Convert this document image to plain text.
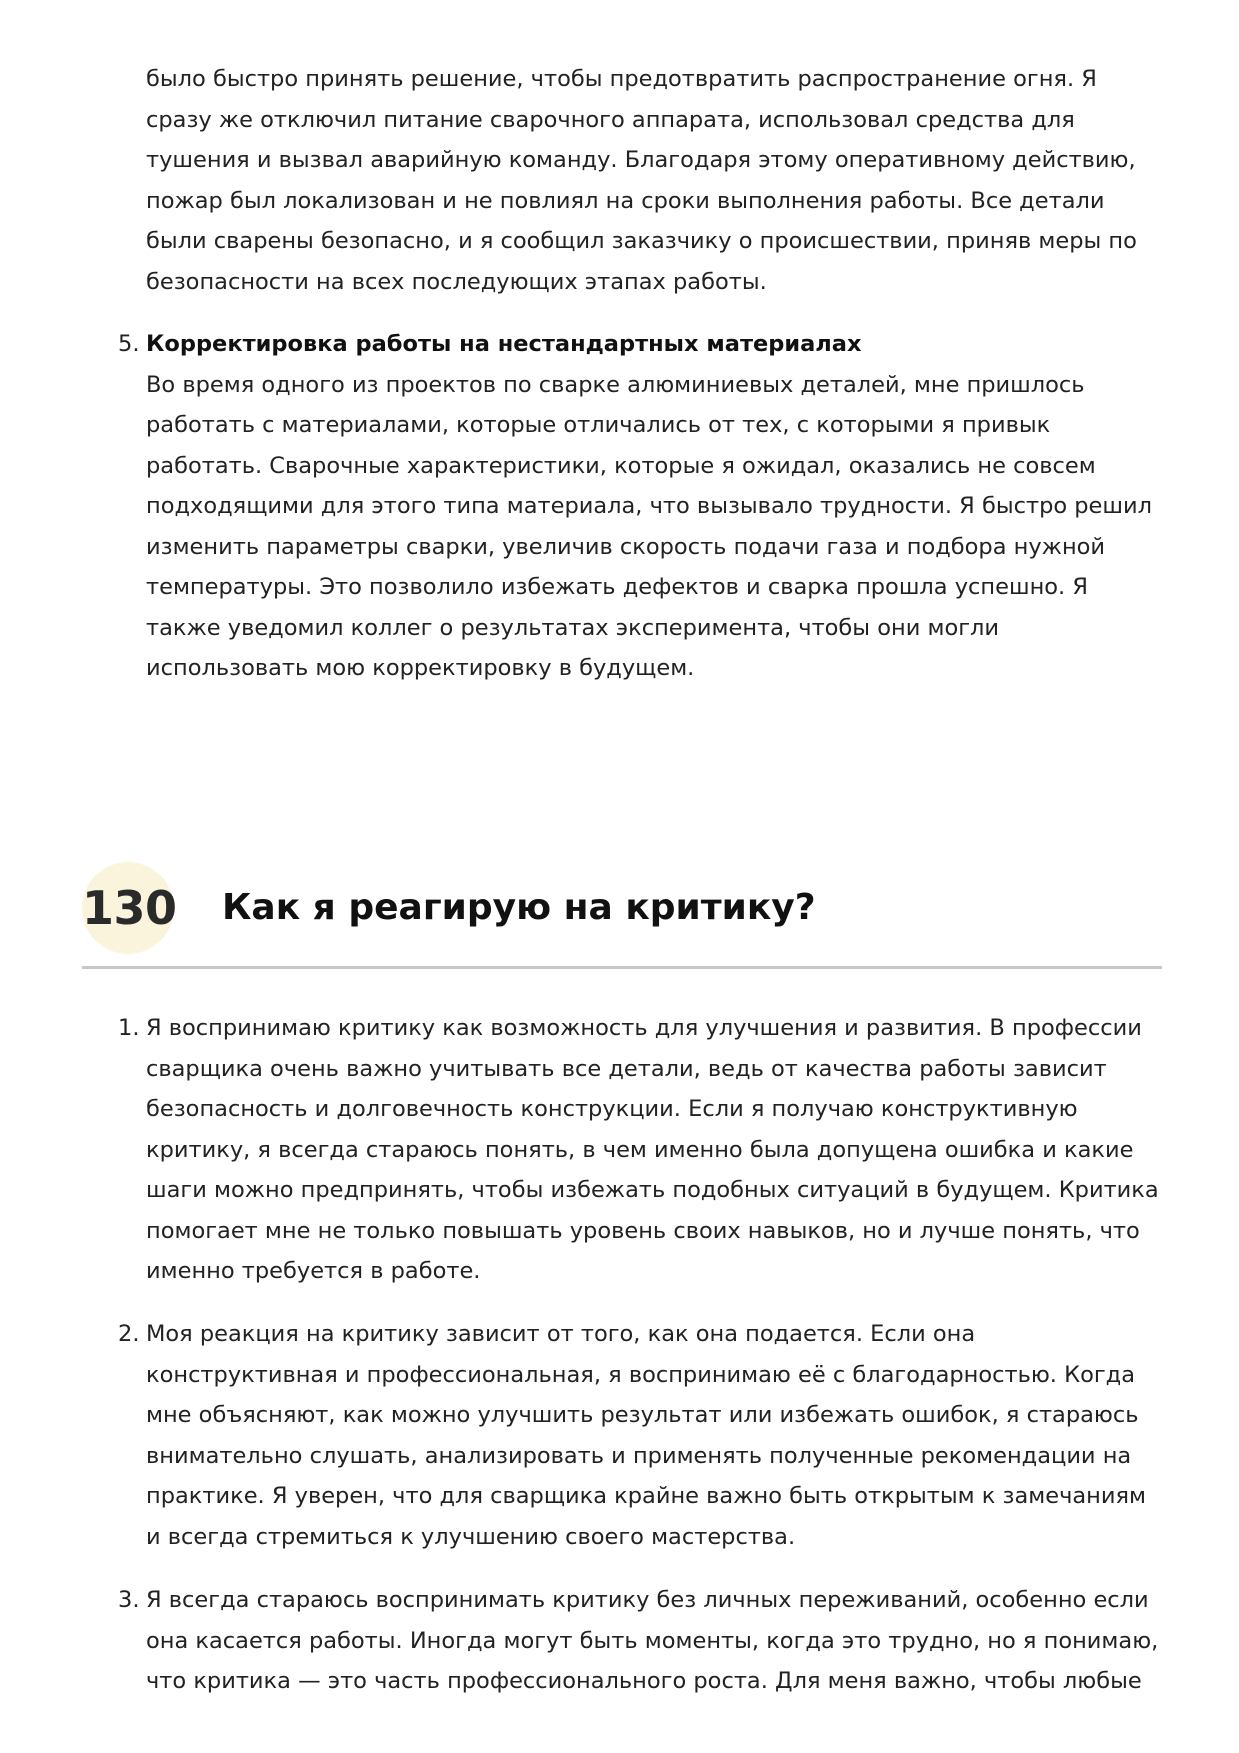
было быстро принять решение, чтобы предотвратить распространение огня. Я сразу же отключил питание сварочного аппарата, использовал средства для тушения и вызвал аварийную команду. Благодаря этому оперативному действию, пожар был локализован и не повлиял на сроки выполнения работы. Все детали были сварены безопасно, и я сообщил заказчику о происшествии, приняв меры по безопасности на всех последующих этапах работы.

5. Корректировка работы на нестандартных материалах
Во время одного из проектов по сварке алюминиевых деталей, мне пришлось работать с материалами, которые отличались от тех, с которыми я привык работать. Сварочные характеристики, которые я ожидал, оказались не совсем подходящими для этого типа материала, что вызывало трудности. Я быстро решил изменить параметры сварки, увеличив скорость подачи газа и подбора нужной температуры. Это позволило избежать дефектов и сварка прошла успешно. Я также уведомил коллег о результатах эксперимента, чтобы они могли использовать мою корректировку в будущем.
130 Как я реагирую на критику?
1. Я воспринимаю критику как возможность для улучшения и развития. В профессии сварщика очень важно учитывать все детали, ведь от качества работы зависит безопасность и долговечность конструкции. Если я получаю конструктивную критику, я всегда стараюсь понять, в чем именно была допущена ошибка и какие шаги можно предпринять, чтобы избежать подобных ситуаций в будущем. Критика помогает мне не только повышать уровень своих навыков, но и лучше понять, что именно требуется в работе.
2. Моя реакция на критику зависит от того, как она подается. Если она конструктивная и профессиональная, я воспринимаю её с благодарностью. Когда мне объясняют, как можно улучшить результат или избежать ошибок, я стараюсь внимательно слушать, анализировать и применять полученные рекомендации на практике. Я уверен, что для сварщика крайне важно быть открытым к замечаниям и всегда стремиться к улучшению своего мастерства.
3. Я всегда стараюсь воспринимать критику без личных переживаний, особенно если она касается работы. Иногда могут быть моменты, когда это трудно, но я понимаю, что критика — это часть профессионального роста. Для меня важно, чтобы любые
